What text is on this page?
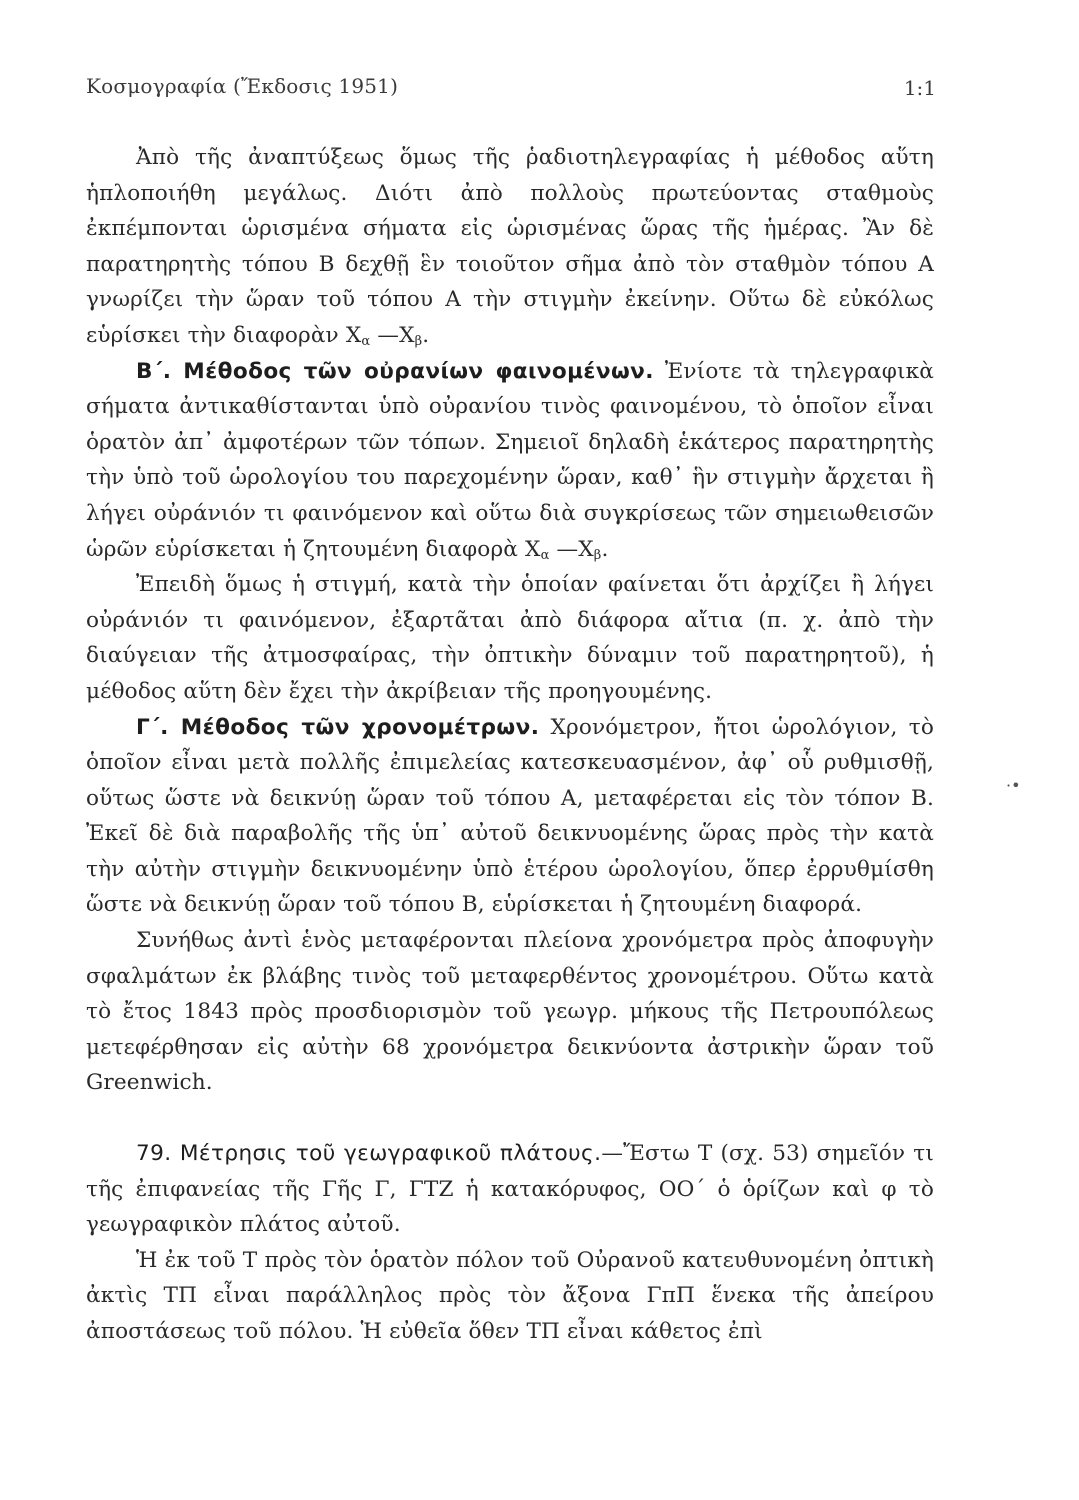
Κοσμογραφία (Ἔκδοσις 1951)	1:1

Ἀπὸ τῆς ἀναπτύξεως ὅμως τῆς ῥαδιοτηλεγραφίας ἡ μέθοδος αὕτη ἡπλοποιήθη μεγάλως. Διότι ἀπὸ πολλοὺς πρωτεύοντας σταθμοὺς ἐκπέμπονται ὡρισμένα σήματα εἰς ὡρισμένας ὥρας τῆς ἡμέρας. Ἂν δὲ παρατηρητὴς τόπου Β δεχθῇ ἓν τοιοῦτον σῆμα ἀπὸ τὸν σταθμὸν τόπου Α γνωρίζει τὴν ὥραν τοῦ τόπου Α τὴν στιγμὴν ἐκείνην. Οὕτω δὲ εὐκόλως εὑρίσκει τὴν διαφορὰν $X_\alpha$ $—X_\beta$.

Β΄. Μέθοδος τῶν οὐρανίων φαινομένων. Ἐνίοτε τὰ τηλεγραφικὰ σήματα ἀντικαθίστανται ὑπὸ οὐρανίου τινὸς φαινομένου, τὸ ὁποῖον εἶναι ὁρατὸν ἀπ᾽ ἀμφοτέρων τῶν τόπων. Σημειοῖ δηλαδὴ ἑκάτερος παρατηρητὴς τὴν ὑπὸ τοῦ ὡρολογίου του παρεχομένην ὥραν, καθ᾽ ἣν στιγμὴν ἄρχεται ἢ λήγει οὐράνιόν τι φαινόμενον καὶ οὕτω διὰ συγκρίσεως τῶν σημειωθεισῶν ὡρῶν εὑρίσκεται ἡ ζητουμένη διαφορὰ $X_\alpha$ $—X_\beta$.

Ἐπειδὴ ὅμως ἡ στιγμή, κατὰ τὴν ὁποίαν φαίνεται ὅτι ἀρχίζει ἢ λήγει οὐράνιόν τι φαινόμενον, ἐξαρτᾶται ἀπὸ διάφορα αἴτια (π. χ. ἀπὸ τὴν διαύγειαν τῆς ἀτμοσφαίρας, τὴν ὀπτικὴν δύναμιν τοῦ παρατηρητοῦ), ἡ μέθοδος αὕτη δὲν ἔχει τὴν ἀκρίβειαν τῆς προηγουμένης.

Γ΄. Μέθοδος τῶν χρονομέτρων. Χρονόμετρον, ἤτοι ὡρολόγιον, τὸ ὁποῖον εἶναι μετὰ πολλῆς ἐπιμελείας κατεσκευασμένον, ἀφ᾽ οὗ ρυθμισθῇ, οὕτως ὥστε νὰ δεικνύῃ ὥραν τοῦ τόπου Α, μεταφέρεται εἰς τὸν τόπον Β. Ἐκεῖ δὲ διὰ παραβολῆς τῆς ὑπ᾽ αὐτοῦ δεικνυομένης ὥρας πρὸς τὴν κατὰ τὴν αὐτὴν στιγμὴν δεικνυομένην ὑπὸ ἑτέρου ὡρολογίου, ὅπερ ἐρρυθμίσθη ὥστε νὰ δεικνύῃ ὥραν τοῦ τόπου Β, εὑρίσκεται ἡ ζητουμένη διαφορά.

Συνήθως ἀντὶ ἑνὸς μεταφέρονται πλείονα χρονόμετρα πρὸς ἀποφυγὴν σφαλμάτων ἐκ βλάβης τινὸς τοῦ μεταφερθέντος χρονομέτρου. Οὕτω κατὰ τὸ ἔτος 1843 πρὸς προσδιορισμὸν τοῦ γεωγρ. μήκους τῆς Πετρουπόλεως μετεφέρθησαν εἰς αὐτὴν 68 χρονόμετρα δεικνύοντα ἀστρικὴν ὥραν τοῦ Greenwich.

79. Μέτρησις τοῦ γεωγραφικοῦ πλάτους.—Ἔστω Τ (σχ. 53) σημεῖόν τι τῆς ἐπιφανείας τῆς Γῆς Γ, ΓΤΖ ἡ κατακόρυφος, ΟΟ΄ ὁ ὁρίζων καὶ φ τὸ γεωγραφικὸν πλάτος αὐτοῦ.

Ἡ ἐκ τοῦ Τ πρὸς τὸν ὁρατὸν πόλον τοῦ Οὐρανοῦ κατευθυνομένη ὀπτικὴ ἀκτὶς ΤΠ εἶναι παράλληλος πρὸς τὸν ἄξονα ΓπΠ ἕνεκα τῆς ἀπείρου ἀποστάσεως τοῦ πόλου. Ἡ εὐθεῖα ὅθεν ΤΠ εἶναι κάθετος ἐπὶ

·•
